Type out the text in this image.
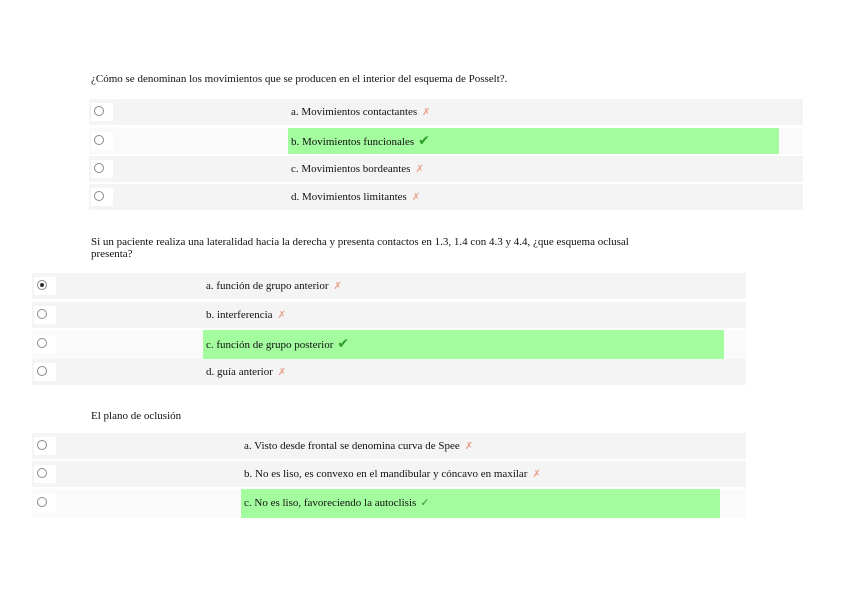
¿Cómo se denominan los movimientos que se producen en el interior del esquema de Posselt?.
a. Movimientos contactantes ✗
b. Movimientos funcionales ✔
c. Movimientos bordeantes ✗
d. Movimientos limitantes ✗
Si un paciente realiza una lateralidad hacia la derecha y presenta contactos en 1.3, 1.4 con 4.3 y 4.4, ¿que esquema oclusal
presenta?
a. función de grupo anterior ✗
b. interferencia ✗
c. función de grupo posterior ✔
d. guía anterior ✗
El plano de oclusión
a. Visto desde frontal se denomina curva de Spee ✗
b. No es liso, es convexo en el mandibular y cóncavo en maxilar ✗
c. No es liso, favoreciendo la autoclisis ✓
